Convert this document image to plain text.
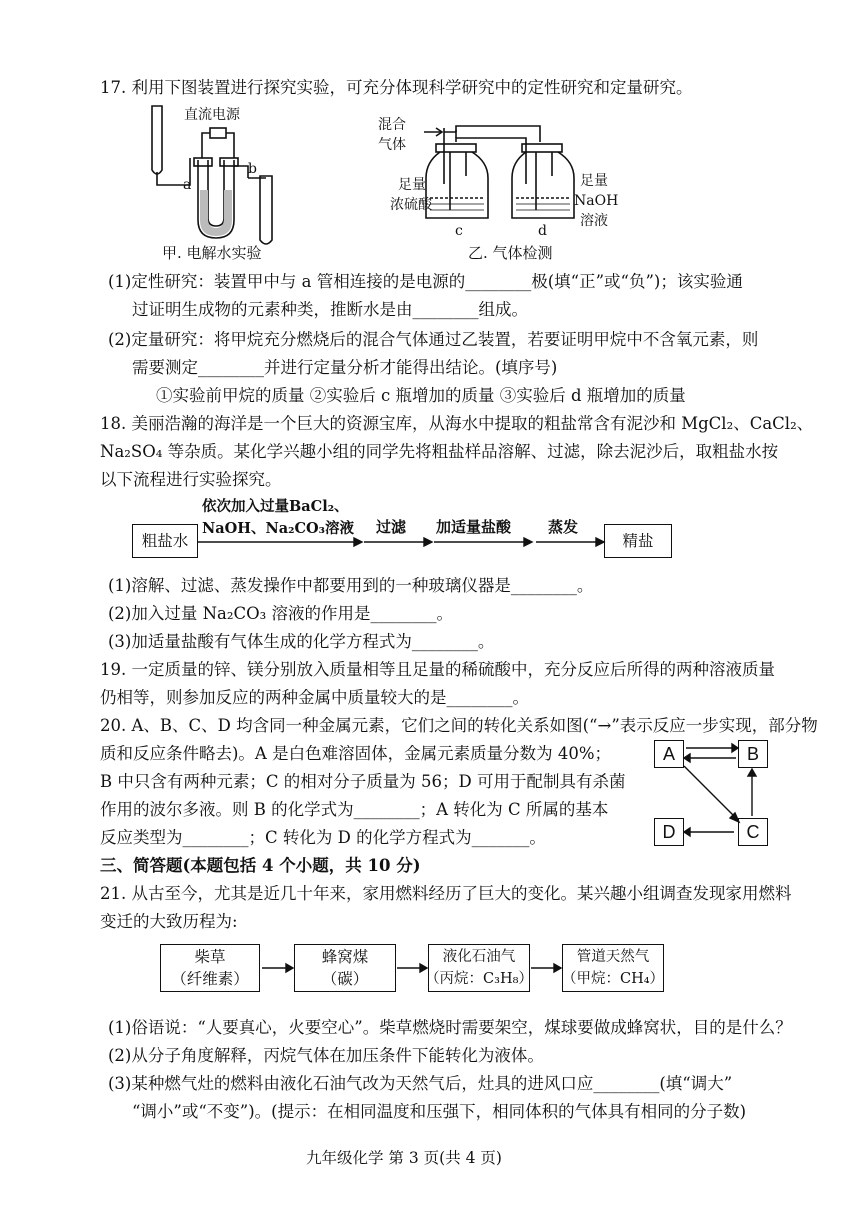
17. 利用下图装置进行探究实验，可充分体现科学研究中的定性研究和定量研究。
直流电源
a
b
甲. 电解水实验
混合
气体
足量
浓硫酸
足量
NaOH
溶液
c	d
乙. 气体检测
(1)定性研究：装置甲中与 a 管相连接的是电源的________极(填“正”或“负”)；该实验通
过证明生成物的元素种类，推断水是由________组成。
(2)定量研究：将甲烷充分燃烧后的混合气体通过乙装置，若要证明甲烷中不含氧元素，则
需要测定________并进行定量分析才能得出结论。(填序号)
①实验前甲烷的质量 ②实验后 c 瓶增加的质量 ③实验后 d 瓶增加的质量
18. 美丽浩瀚的海洋是一个巨大的资源宝库，从海水中提取的粗盐常含有泥沙和 MgCl₂、CaCl₂、
Na₂SO₄ 等杂质。某化学兴趣小组的同学先将粗盐样品溶解、过滤，除去泥沙后，取粗盐水按
以下流程进行实验探究。
粗盐水
依次加入过量BaCl₂、
NaOH、Na₂CO₃溶液 过滤 加适量盐酸 蒸发
精盐
(1)溶解、过滤、蒸发操作中都要用到的一种玻璃仪器是________。
(2)加入过量 Na₂CO₃ 溶液的作用是________。
(3)加适量盐酸有气体生成的化学方程式为________。
19. 一定质量的锌、镁分别放入质量相等且足量的稀硫酸中，充分反应后所得的两种溶液质量
仍相等，则参加反应的两种金属中质量较大的是________。
20. A、B、C、D 均含同一种金属元素，它们之间的转化关系如图(“→”表示反应一步实现，部分物
质和反应条件略去)。A 是白色难溶固体，金属元素质量分数为 40%；
B 中只含有两种元素；C 的相对分子质量为 56；D 可用于配制具有杀菌
作用的波尔多液。则 B 的化学式为________；A 转化为 C 所属的基本
反应类型为________；C 转化为 D 的化学方程式为_______。
A	B
C
D
三、简答题(本题包括 4 个小题，共 10 分)
21. 从古至今，尤其是近几十年来，家用燃料经历了巨大的变化。某兴趣小组调查发现家用燃料
变迁的大致历程为:
柴草
（纤维素）
蜂窝煤
（碳）
液化石油气
（丙烷：C₃H₈）
管道天然气
（甲烷：CH₄）
(1)俗语说：“人要真心，火要空心”。柴草燃烧时需要架空，煤球要做成蜂窝状，目的是什么？
(2)从分子角度解释，丙烷气体在加压条件下能转化为液体。
(3)某种燃气灶的燃料由液化石油气改为天然气后，灶具的进风口应________(填“调大”
“调小”或“不变”)。(提示：在相同温度和压强下，相同体积的气体具有相同的分子数)
九年级化学 第 3 页(共 4 页)
